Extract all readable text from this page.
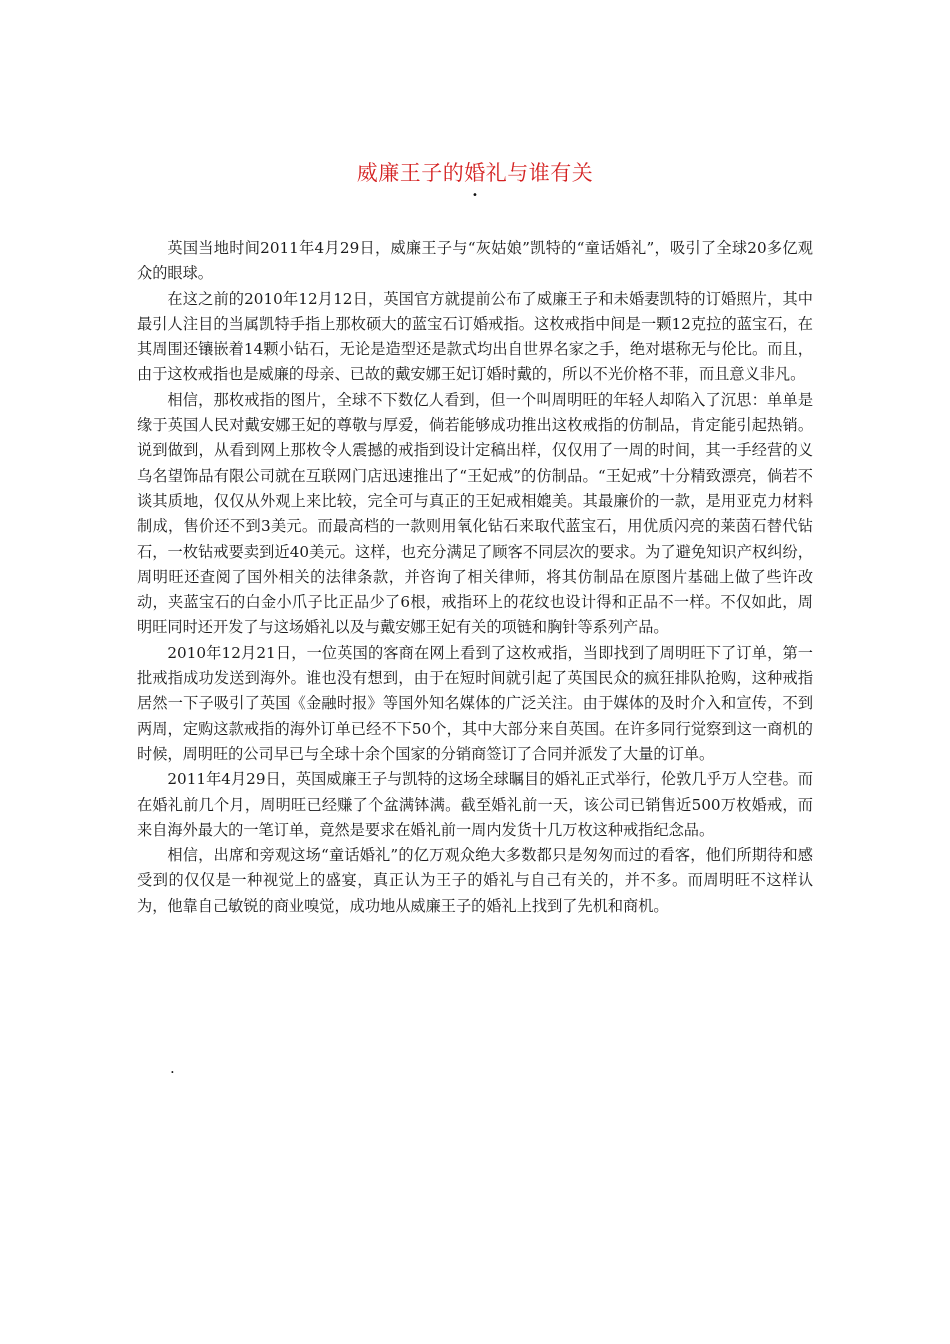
威廉王子的婚礼与谁有关
•

英国当地时间2011年4月29日，威廉王子与“灰姑娘”凯特的“童话婚礼”，吸引了全球20多亿观众的眼球。

在这之前的2010年12月12日，英国官方就提前公布了威廉王子和未婚妻凯特的订婚照片，其中最引人注目的当属凯特手指上那枚硕大的蓝宝石订婚戒指。这枚戒指中间是一颗12克拉的蓝宝石，在其周围还镶嵌着14颗小钻石，无论是造型还是款式均出自世界名家之手，绝对堪称无与伦比。而且，由于这枚戒指也是威廉的母亲、已故的戴安娜王妃订婚时戴的，所以不光价格不菲，而且意义非凡。

相信，那枚戒指的图片，全球不下数亿人看到，但一个叫周明旺的年轻人却陷入了沉思：单单是缘于英国人民对戴安娜王妃的尊敬与厚爱，倘若能够成功推出这枚戒指的仿制品，肯定能引起热销。说到做到，从看到网上那枚令人震撼的戒指到设计定稿出样，仅仅用了一周的时间，其一手经营的义乌名望饰品有限公司就在互联网门店迅速推出了“王妃戒”的仿制品。“王妃戒”十分精致漂亮，倘若不谈其质地，仅仅从外观上来比较，完全可与真正的王妃戒相媲美。其最廉价的一款，是用亚克力材料制成，售价还不到3美元。而最高档的一款则用氧化钻石来取代蓝宝石，用优质闪亮的莱茵石替代钻石，一枚钻戒要卖到近40美元。这样，也充分满足了顾客不同层次的要求。为了避免知识产权纠纷，周明旺还查阅了国外相关的法律条款，并咨询了相关律师，将其仿制品在原图片基础上做了些许改动，夹蓝宝石的白金小爪子比正品少了6根，戒指环上的花纹也设计得和正品不一样。不仅如此，周明旺同时还开发了与这场婚礼以及与戴安娜王妃有关的项链和胸针等系列产品。

2010年12月21日，一位英国的客商在网上看到了这枚戒指，当即找到了周明旺下了订单，第一批戒指成功发送到海外。谁也没有想到，由于在短时间就引起了英国民众的疯狂排队抢购，这种戒指居然一下子吸引了英国《金融时报》等国外知名媒体的广泛关注。由于媒体的及时介入和宣传，不到两周，定购这款戒指的海外订单已经不下50个，其中大部分来自英国。在许多同行觉察到这一商机的时候，周明旺的公司早已与全球十余个国家的分销商签订了合同并派发了大量的订单。

2011年4月29日，英国威廉王子与凯特的这场全球瞩目的婚礼正式举行，伦敦几乎万人空巷。而在婚礼前几个月，周明旺已经赚了个盆满钵满。截至婚礼前一天，该公司已销售近500万枚婚戒，而来自海外最大的一笔订单，竟然是要求在婚礼前一周内发货十几万枚这种戒指纪念品。

相信，出席和旁观这场“童话婚礼”的亿万观众绝大多数都只是匆匆而过的看客，他们所期待和感受到的仅仅是一种视觉上的盛宴，真正认为王子的婚礼与自己有关的，并不多。而周明旺不这样认为，他靠自己敏锐的商业嗅觉，成功地从威廉王子的婚礼上找到了先机和商机。

.
